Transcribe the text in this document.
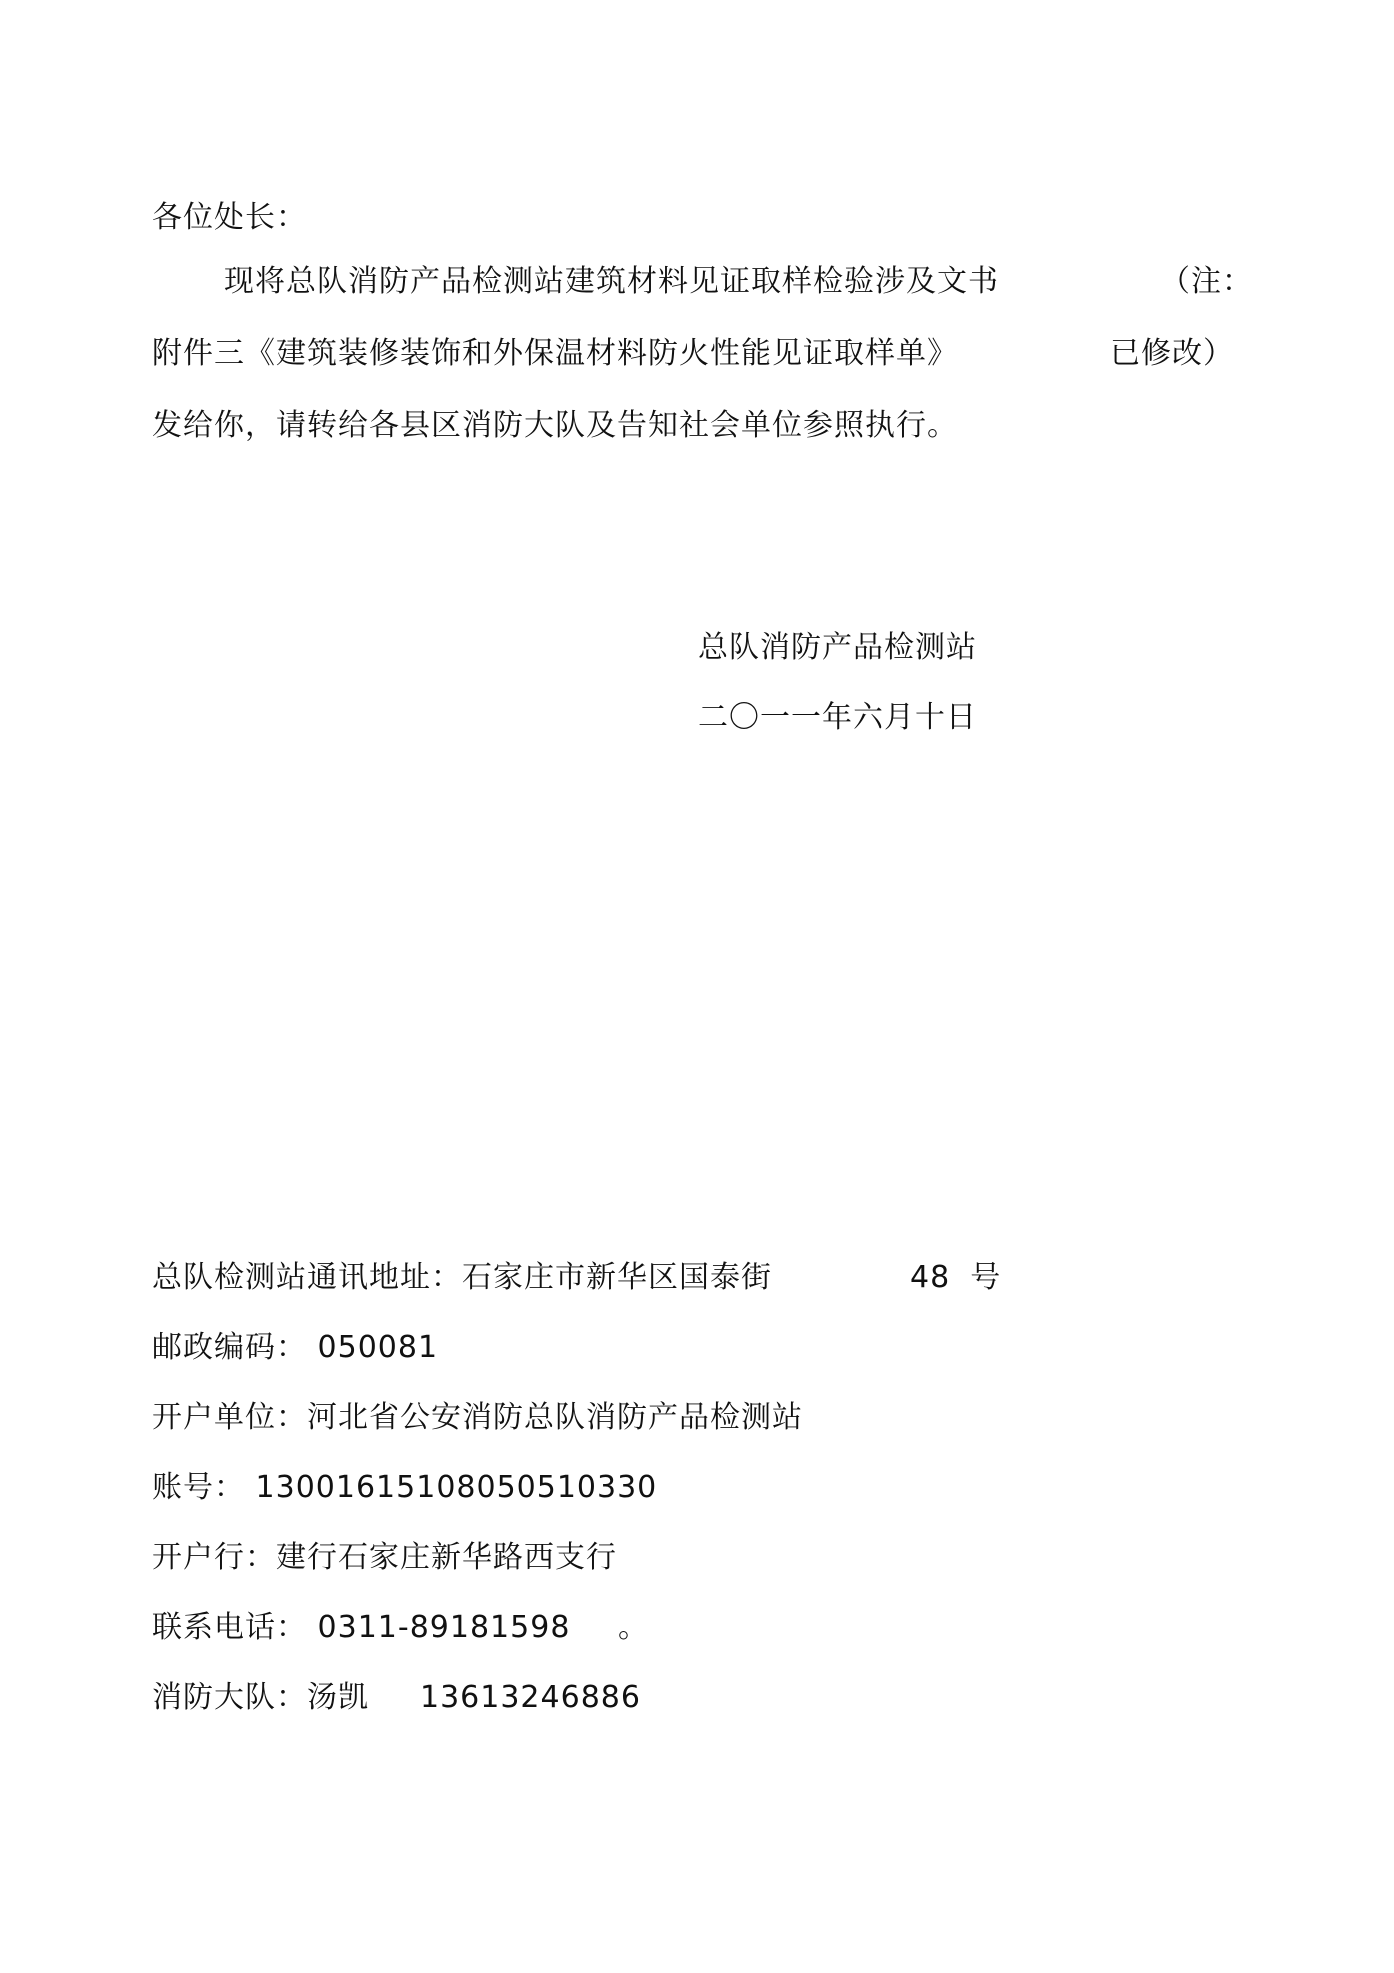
各位处长：
现将总队消防产品检测站建筑材料见证取样检验涉及文书	（注：
附件三《建筑装修装饰和外保温材料防火性能见证取样单》	已修改）
发给你，请转给各县区消防大队及告知社会单位参照执行。
总队消防产品检测站
二〇一一年六月十日
总队检测站通讯地址：石家庄市新华区国泰街	48 号
邮政编码： 050081
开户单位：河北省公安消防总队消防产品检测站
账号： 13001615108050510330
开户行：建行石家庄新华路西支行
联系电话： 0311-89181598 。
消防大队：汤凯 13613246886
